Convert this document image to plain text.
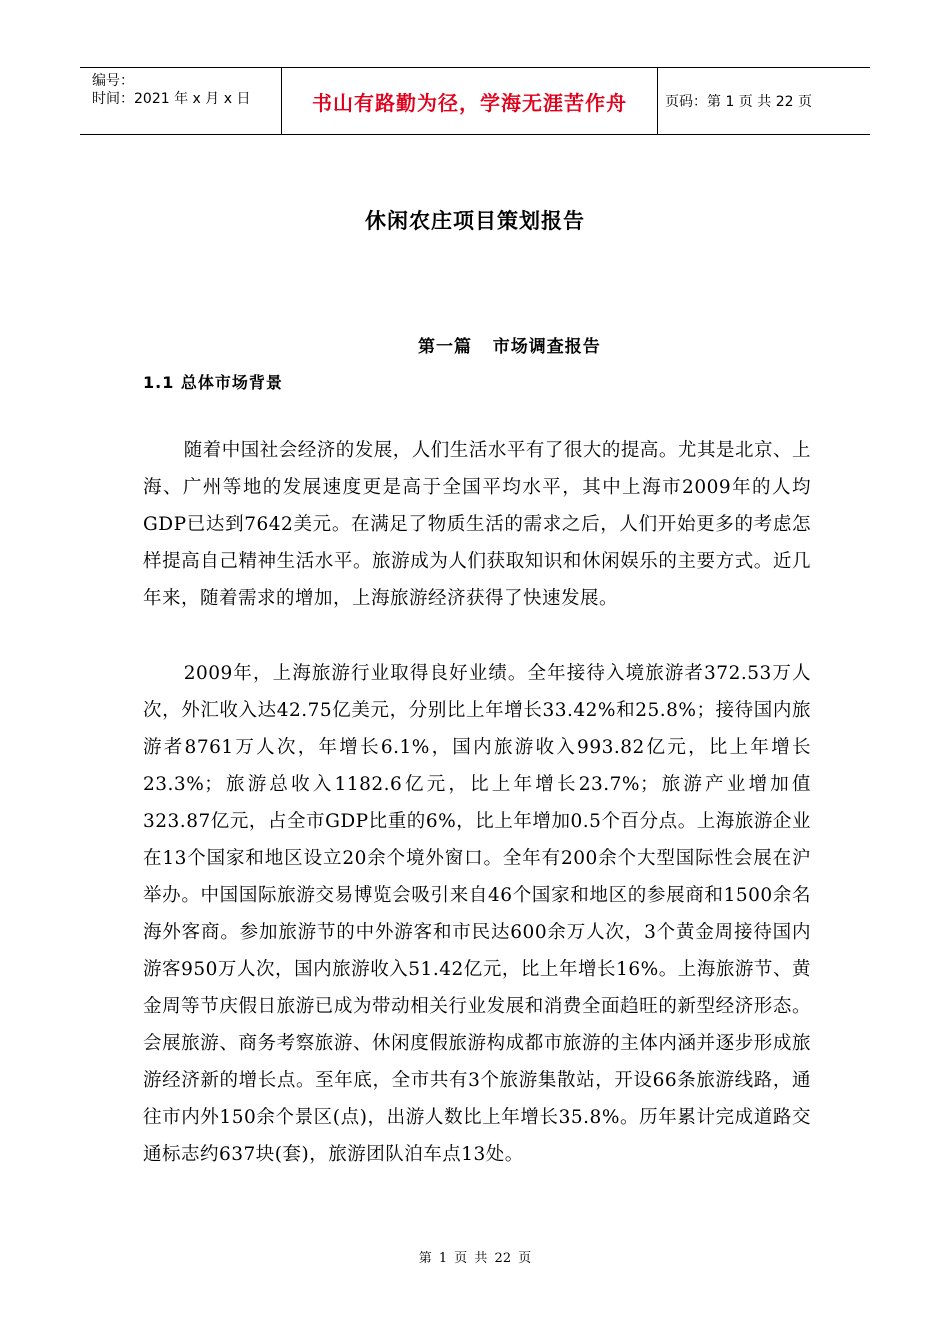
编号：
时间：2021 年 x 月 x 日	书山有路勤为径，学海无涯苦作舟	页码：第 1 页 共 22 页
休闲农庄项目策划报告
第一篇   市场调查报告
1.1 总体市场背景

随着中国社会经济的发展，人们生活水平有了很大的提高。尤其是北京、上海、广州等地的发展速度更是高于全国平均水平，其中上海市2009年的人均GDP已达到7642美元。在满足了物质生活的需求之后，人们开始更多的考虑怎样提高自己精神生活水平。旅游成为人们获取知识和休闲娱乐的主要方式。近几年来，随着需求的增加，上海旅游经济获得了快速发展。

2009年，上海旅游行业取得良好业绩。全年接待入境旅游者372.53万人次，外汇收入达42.75亿美元，分别比上年增长33.42%和25.8%；接待国内旅游者8761万人次，年增长6.1%，国内旅游收入993.82亿元，比上年增长23.3%；旅游总收入1182.6亿元，比上年增长23.7%；旅游产业增加值323.87亿元，占全市GDP比重的6%，比上年增加0.5个百分点。上海旅游企业在13个国家和地区设立20余个境外窗口。全年有200余个大型国际性会展在沪举办。中国国际旅游交易博览会吸引来自46个国家和地区的参展商和1500余名海外客商。参加旅游节的中外游客和市民达600余万人次，3个黄金周接待国内游客950万人次，国内旅游收入51.42亿元，比上年增长16%。上海旅游节、黄金周等节庆假日旅游已成为带动相关行业发展和消费全面趋旺的新型经济形态。会展旅游、商务考察旅游、休闲度假旅游构成都市旅游的主体内涵并逐步形成旅游经济新的增长点。至年底，全市共有3个旅游集散站，开设66条旅游线路，通往市内外150余个景区(点)，出游人数比上年增长35.8%。历年累计完成道路交通标志约637块(套)，旅游团队泊车点13处。

第 1 页 共 22 页
